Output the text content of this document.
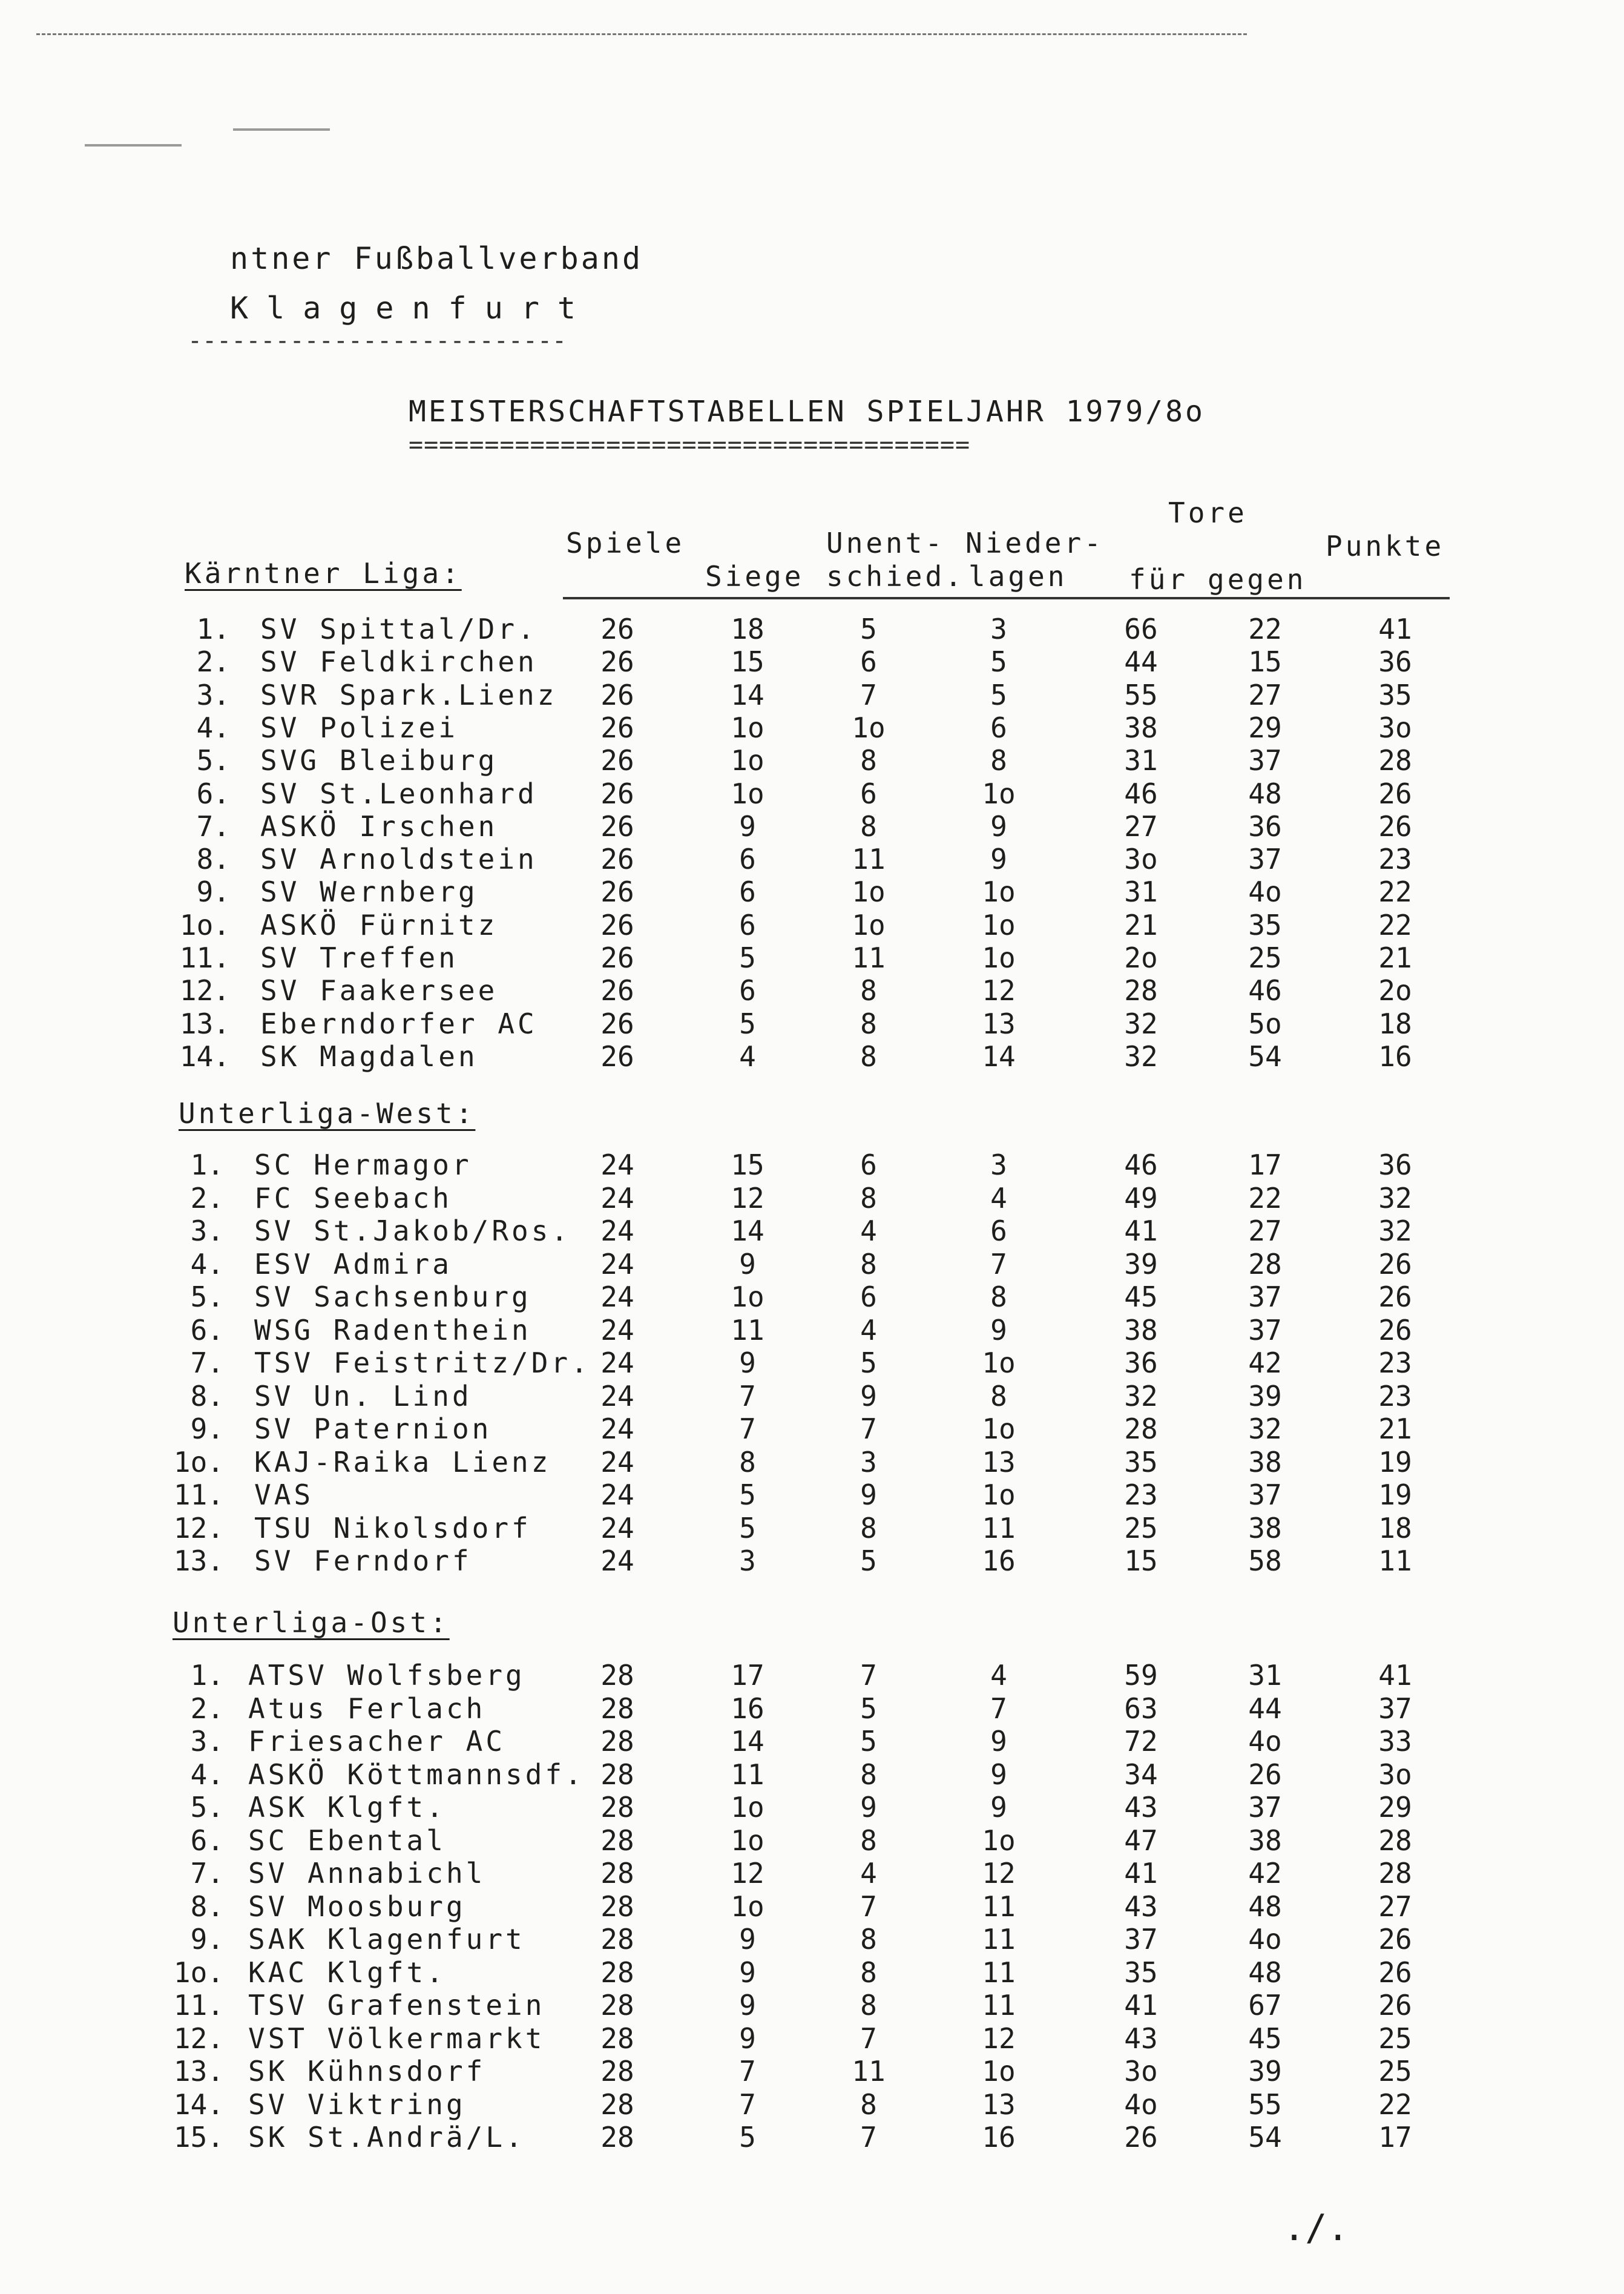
ntner Fußballverband
Klagenfurt
--------------------------
MEISTERSCHAFTSTABELLEN SPIELJAHR 1979/8o
=====================================
Spiele
Siege
Unent-
schied.
Nieder-
lagen
Tore
für gegen
Punkte
Kärntner Liga:
Unterliga-West:
Unterliga-Ost:
1. SV Spittal/Dr.	26	18	5	3	66	22	41
2. SV Feldkirchen	26	15	6	5	44	15	36
3. SVR Spark.Lienz	26	14	7	5	55	27	35
4. SV Polizei	26	1o	1o	6	38	29	3o
5. SVG Bleiburg	26	1o	8	8	31	37	28
6. SV St.Leonhard	26	1o	6	1o	46	48	26
7. ASKÖ Irschen	26	9	8	9	27	36	26
8. SV Arnoldstein	26	6	11	9	3o	37	23
9. SV Wernberg	26	6	1o	1o	31	4o	22
1o. ASKÖ Fürnitz	26	6	1o	1o	21	35	22
11. SV Treffen	26	5	11	1o	2o	25	21
12. SV Faakersee	26	6	8	12	28	46	2o
13. Eberndorfer AC	26	5	8	13	32	5o	18
14. SK Magdalen	26	4	8	14	32	54	16
1. SC Hermagor	24	15	6	3	46	17	36
2. FC Seebach	24	12	8	4	49	22	32
3. SV St.Jakob/Ros.	24	14	4	6	41	27	32
4. ESV Admira	24	9	8	7	39	28	26
5. SV Sachsenburg	24	1o	6	8	45	37	26
6. WSG Radenthein	24	11	4	9	38	37	26
7. TSV Feistritz/Dr. 24	9	5	1o	36	42	23
8. SV Un. Lind	24	7	9	8	32	39	23
9. SV Paternion	24	7	7	1o	28	32	21
1o. KAJ-Raika Lienz	24	8	3	13	35	38	19
11. VAS	24	5	9	1o	23	37	19
12. TSU Nikolsdorf	24	5	8	11	25	38	18
13. SV Ferndorf	24	3	5	16	15	58	11
1. ATSV Wolfsberg	28	17	7	4	59	31	41
2. Atus Ferlach	28	16	5	7	63	44	37
3. Friesacher AC	28	14	5	9	72	4o	33
4. ASKÖ Köttmannsdf. 28	11	8	9	34	26	3o
5. ASK Klgft.	28	1o	9	9	43	37	29
6. SC Ebental	28	1o	8	1o	47	38	28
7. SV Annabichl	28	12	4	12	41	42	28
8. SV Moosburg	28	1o	7	11	43	48	27
9. SAK Klagenfurt	28	9	8	11	37	4o	26
1o. KAC Klgft.	28	9	8	11	35	48	26
11. TSV Grafenstein	28	9	8	11	41	67	26
12. VST Völkermarkt	28	9	7	12	43	45	25
13. SK Kühnsdorf	28	7	11	1o	3o	39	25
14. SV Viktring	28	7	8	13	4o	55	22
15. SK St.Andrä/L.	28	5	7	16	26	54	17
./.
